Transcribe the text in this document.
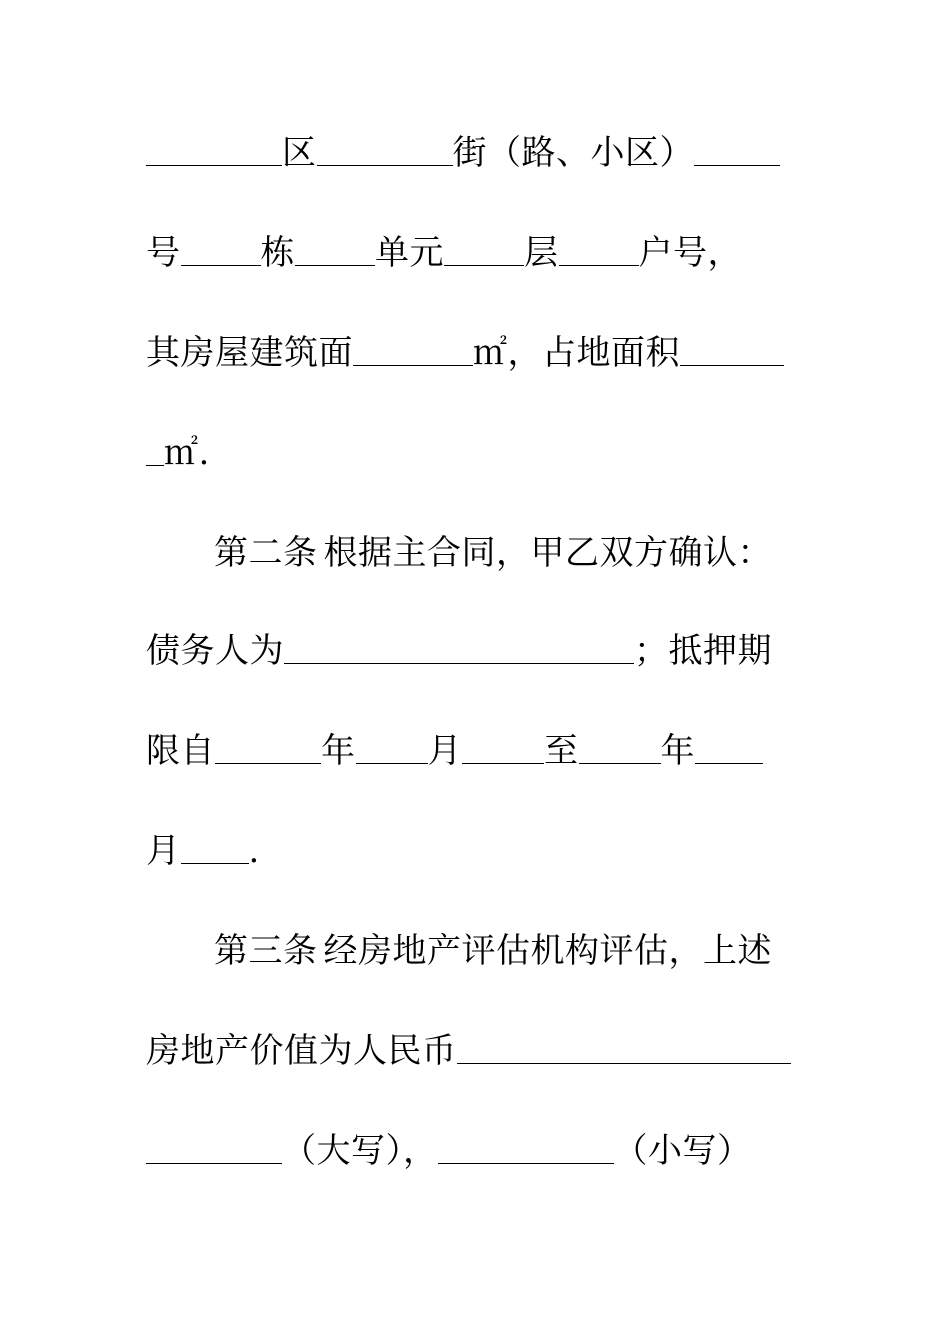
区	街（路、小区）
号 栋 单元 层 户号，
其房屋建筑面	㎡，占地面积
㎡.
第二条 根据主合同，甲乙双方确认：
债务人为	；抵押期
限自	年 月 至 年
月 .
第三条 经房地产评估机构评估，上述
房地产价值为人民币
（大写），	（小写）
